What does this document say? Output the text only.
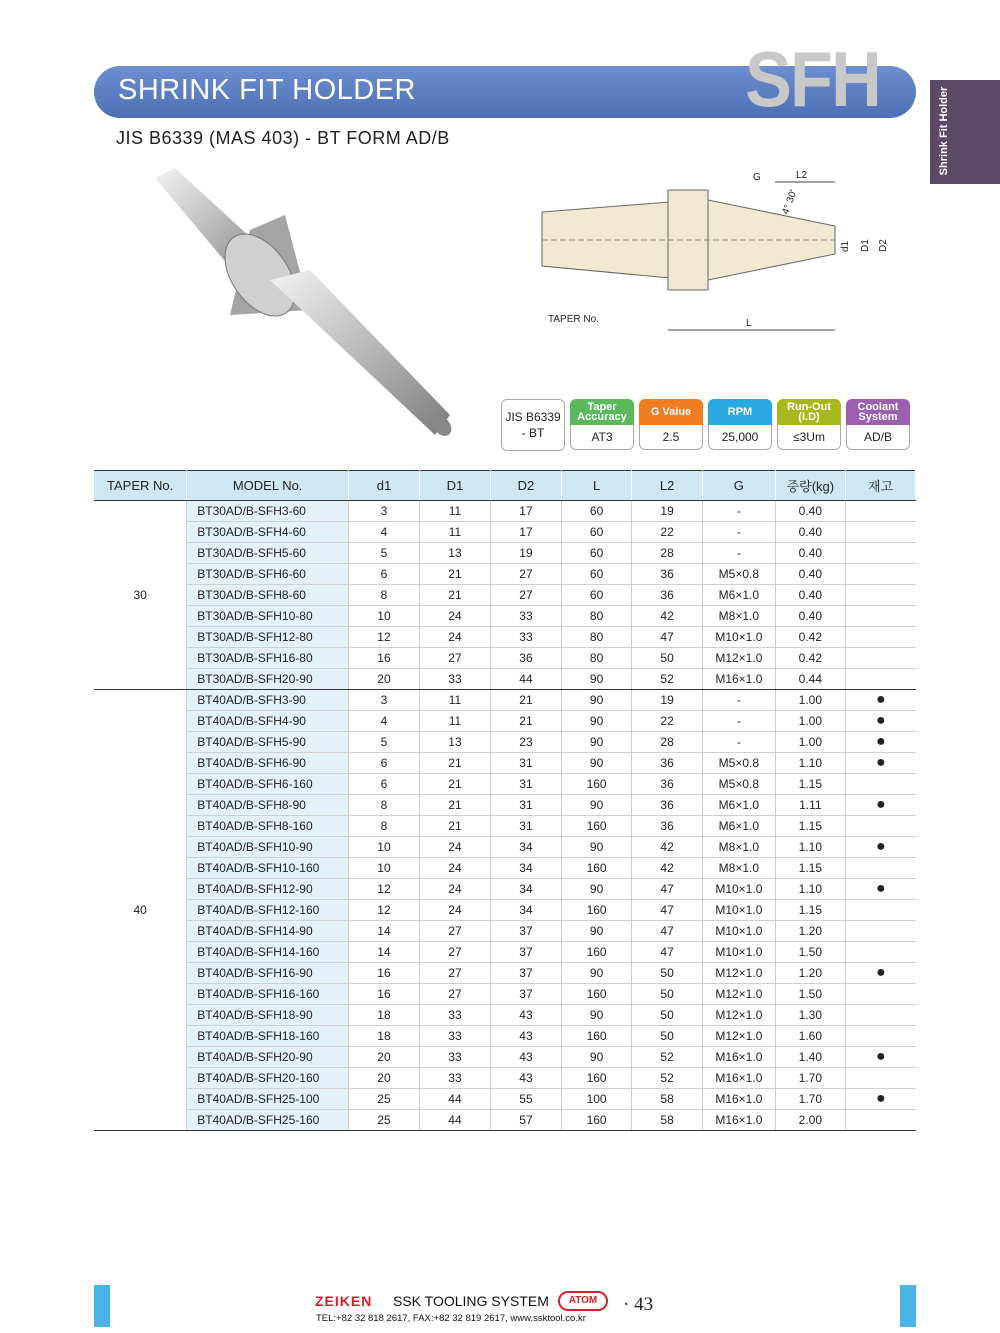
SHRINK FIT HOLDER	SFH
Shrink Fit Holder
JIS B6339 (MAS 403) - BT FORM AD/B
G	L2
4° 30'
d1 D1 D2
TAPER No.	L
JIS B6339 - BT
Taper Accuracy
AT3
G Value
2.5
RPM
25,000
Run-Out (I.D)
≤3Um
Coolant System
AD/B
TAPER No.	MODEL No.	d1	D1	D2	L	L2	G	중량(kg)	재고
30	BT30AD/B-SFH3-60	3	11	17	60	19	-	0.40	
	BT30AD/B-SFH4-60	4	11	17	60	22	-	0.40	
	BT30AD/B-SFH5-60	5	13	19	60	28	-	0.40	
	BT30AD/B-SFH6-60	6	21	27	60	36	M5×0.8	0.40	
	BT30AD/B-SFH8-60	8	21	27	60	36	M6×1.0	0.40	
	BT30AD/B-SFH10-80	10	24	33	80	42	M8×1.0	0.40	
	BT30AD/B-SFH12-80	12	24	33	80	47	M10×1.0	0.42	
	BT30AD/B-SFH16-80	16	27	36	80	50	M12×1.0	0.42	
	BT30AD/B-SFH20-90	20	33	44	90	52	M16×1.0	0.44	
40	BT40AD/B-SFH3-90	3	11	21	90	19	-	1.00	●
	BT40AD/B-SFH4-90	4	11	21	90	22	-	1.00	●
	BT40AD/B-SFH5-90	5	13	23	90	28	-	1.00	●
	BT40AD/B-SFH6-90	6	21	31	90	36	M5×0.8	1.10	●
	BT40AD/B-SFH6-160	6	21	31	160	36	M5×0.8	1.15	
	BT40AD/B-SFH8-90	8	21	31	90	36	M6×1.0	1.11	●
	BT40AD/B-SFH8-160	8	21	31	160	36	M6×1.0	1.15	
	BT40AD/B-SFH10-90	10	24	34	90	42	M8×1.0	1.10	●
	BT40AD/B-SFH10-160	10	24	34	160	42	M8×1.0	1.15	
	BT40AD/B-SFH12-90	12	24	34	90	47	M10×1.0	1.10	●
	BT40AD/B-SFH12-160	12	24	34	160	47	M10×1.0	1.15	
	BT40AD/B-SFH14-90	14	27	37	90	47	M10×1.0	1.20	
	BT40AD/B-SFH14-160	14	27	37	160	47	M10×1.0	1.50	
	BT40AD/B-SFH16-90	16	27	37	90	50	M12×1.0	1.20	●
	BT40AD/B-SFH16-160	16	27	37	160	50	M12×1.0	1.50	
	BT40AD/B-SFH18-90	18	33	43	90	50	M12×1.0	1.30	
	BT40AD/B-SFH18-160	18	33	43	160	50	M12×1.0	1.60	
	BT40AD/B-SFH20-90	20	33	43	90	52	M16×1.0	1.40	●
	BT40AD/B-SFH20-160	20	33	43	160	52	M16×1.0	1.70	
	BT40AD/B-SFH25-100	25	44	55	100	58	M16×1.0	1.70	●
	BT40AD/B-SFH25-160	25	44	57	160	58	M16×1.0	2.00	
ZEIKEN SSK TOOLING SYSTEM	ATOM	· 43
TEL:+82 32 818 2617, FAX:+82 32 819 2617, www.ssktool.co.kr
